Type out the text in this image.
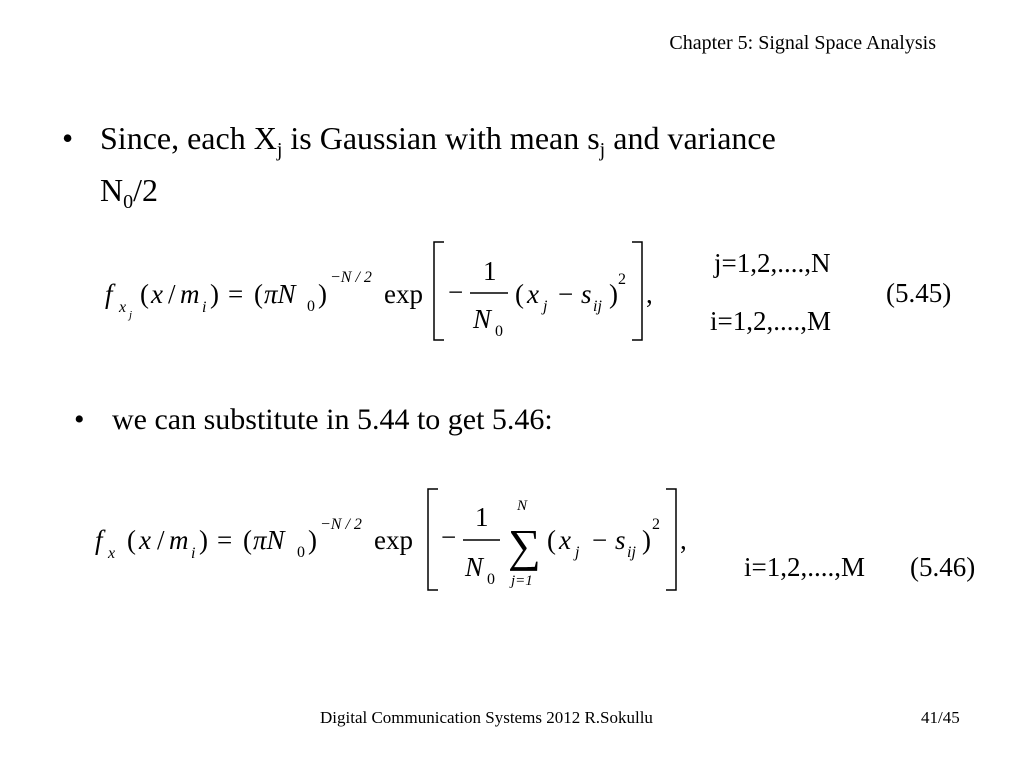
Chapter 5: Signal Space Analysis
• Since, each $X_j$ is Gaussian with mean $s_j$ and variance
$N_0/2$
f x j
( x / m i ) = ( πN 0 )
−N / 2
exp −
1
N 0
( x j − s ij ) 2 ,
j=1,2,....,N
i=1,2,....,M
(5.45)
f x ( x / m i ) = ( πN 0 )
−N / 2
exp −
1
N 0
N
∑
j=1
( x j − s ij )
2
,
i=1,2,....,M (5.46)
• we can substitute in 5.44 to get 5.46:
Digital Communication Systems 2012 R.Sokullu	41/45
